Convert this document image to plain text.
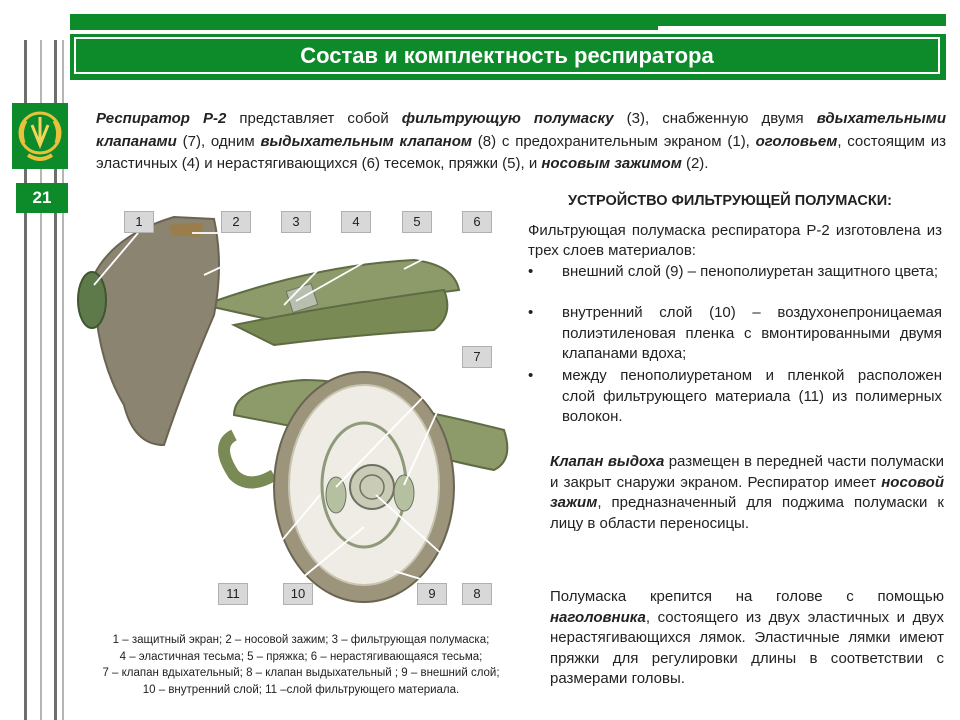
Состав и комплектность респиратора
21
Респиратор Р-2 представляет собой фильтрующую полумаску (3), снабженную двумя вдыхательными клапанами (7), одним выдыхательным клапаном (8) с предохранительным экраном (1), оголовьем, состоящим из эластичных (4) и нерастягивающихся (6) тесемок, пряжки (5), и носовым зажимом (2).
1	2	3	4	5	6
7
8
9
10
11
1 – защитный экран; 2 – носовой зажим; 3 – фильтрующая полумаска;
4 – эластичная тесьма; 5 – пряжка; 6 – нерастягивающаяся тесьма;
7 – клапан вдыхательный; 8 – клапан выдыхательный ; 9 – внешний слой;
10 – внутренний слой; 11 –слой фильтрующего материала.
УСТРОЙСТВО ФИЛЬТРУЮЩЕЙ ПОЛУМАСКИ:
Фильтрующая полумаска респиратора Р-2 изготовлена из трех слоев материалов:
• внешний слой (9) – пенополиуретан защитного цвета;
• внутренний слой (10) – воздухонепроницаемая полиэтиленовая пленка с вмонтированными двумя клапанами вдоха;
• между пенополиуретаном и пленкой расположен слой фильтрующего материала (11) из полимерных волокон.
Клапан выдоха размещен в передней части полумаски и закрыт снаружи экраном. Респиратор имеет носовой зажим, предназначенный для поджима полумаски к лицу в области переносицы.
Полумаска крепится на голове с помощью наголовника, состоящего из двух эластичных и двух нерастягивающихся лямок. Эластичные лямки имеют пряжки для регулировки длины в соответствии с размерами головы.
